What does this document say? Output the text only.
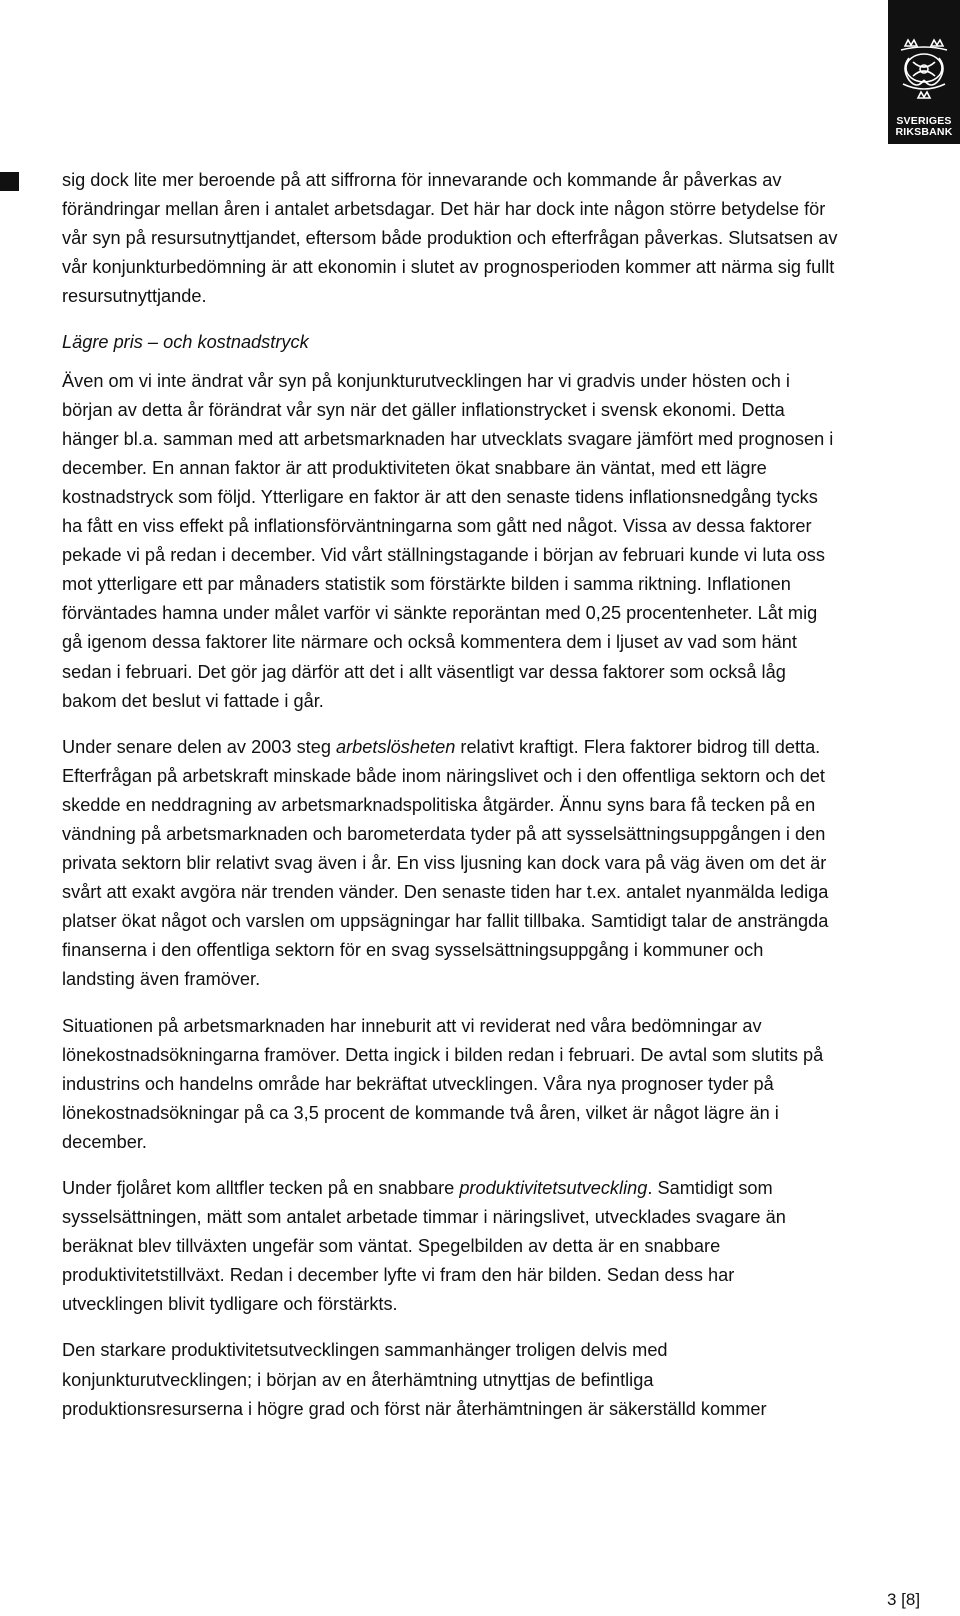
SVERIGES
RIKSBANK

sig dock lite mer beroende på att siffrorna för innevarande och kommande år påverkas av förändringar mellan åren i antalet arbetsdagar. Det här har dock inte någon större betydelse för vår syn på resursutnyttjandet, eftersom både produktion och efterfrågan påverkas. Slutsatsen av vår konjunkturbedömning är att ekonomin i slutet av prognosperioden kommer att närma sig fullt resursutnyttjande.

Lägre pris – och kostnadstryck

Även om vi inte ändrat vår syn på konjunkturutvecklingen har vi gradvis under hösten och i början av detta år förändrat vår syn när det gäller inflationstrycket i svensk ekonomi. Detta hänger bl.a. samman med att arbetsmarknaden har utvecklats svagare jämfört med prognosen i december. En annan faktor är att produktiviteten ökat snabbare än väntat, med ett lägre kostnadstryck som följd. Ytterligare en faktor är att den senaste tidens inflationsnedgång tycks ha fått en viss effekt på inflationsförväntningarna som gått ned något. Vissa av dessa faktorer pekade vi på redan i december. Vid vårt ställningstagande i början av februari kunde vi luta oss mot ytterligare ett par månaders statistik som förstärkte bilden i samma riktning. Inflationen förväntades hamna under målet varför vi sänkte reporäntan med 0,25 procentenheter. Låt mig gå igenom dessa faktorer lite närmare och också kommentera dem i ljuset av vad som hänt sedan i februari. Det gör jag därför att det i allt väsentligt var dessa faktorer som också låg bakom det beslut vi fattade i går.

Under senare delen av 2003 steg arbetslösheten relativt kraftigt. Flera faktorer bidrog till detta. Efterfrågan på arbetskraft minskade både inom näringslivet och i den offentliga sektorn och det skedde en neddragning av arbetsmarknadspolitiska åtgärder. Ännu syns bara få tecken på en vändning på arbetsmarknaden och barometerdata tyder på att sysselsättningsuppgången i den privata sektorn blir relativt svag även i år. En viss ljusning kan dock vara på väg även om det är svårt att exakt avgöra när trenden vänder. Den senaste tiden har t.ex. antalet nyanmälda lediga platser ökat något och varslen om uppsägningar har fallit tillbaka. Samtidigt talar de ansträngda finanserna i den offentliga sektorn för en svag sysselsättningsuppgång i kommuner och landsting även framöver.

Situationen på arbetsmarknaden har inneburit att vi reviderat ned våra bedömningar av lönekostnadsökningarna framöver. Detta ingick i bilden redan i februari. De avtal som slutits på industrins och handelns område har bekräftat utvecklingen. Våra nya prognoser tyder på lönekostnadsökningar på ca 3,5 procent de kommande två åren, vilket är något lägre än i december.

Under fjolåret kom alltfler tecken på en snabbare produktivitetsutveckling. Samtidigt som sysselsättningen, mätt som antalet arbetade timmar i näringslivet, utvecklades svagare än beräknat blev tillväxten ungefär som väntat. Spegelbilden av detta är en snabbare produktivitetstillväxt. Redan i december lyfte vi fram den här bilden. Sedan dess har utvecklingen blivit tydligare och förstärkts.

Den starkare produktivitetsutvecklingen sammanhänger troligen delvis med konjunkturutvecklingen; i början av en återhämtning utnyttjas de befintliga produktionsresurserna i högre grad och först när återhämtningen är säkerställd kommer

3 [8]
